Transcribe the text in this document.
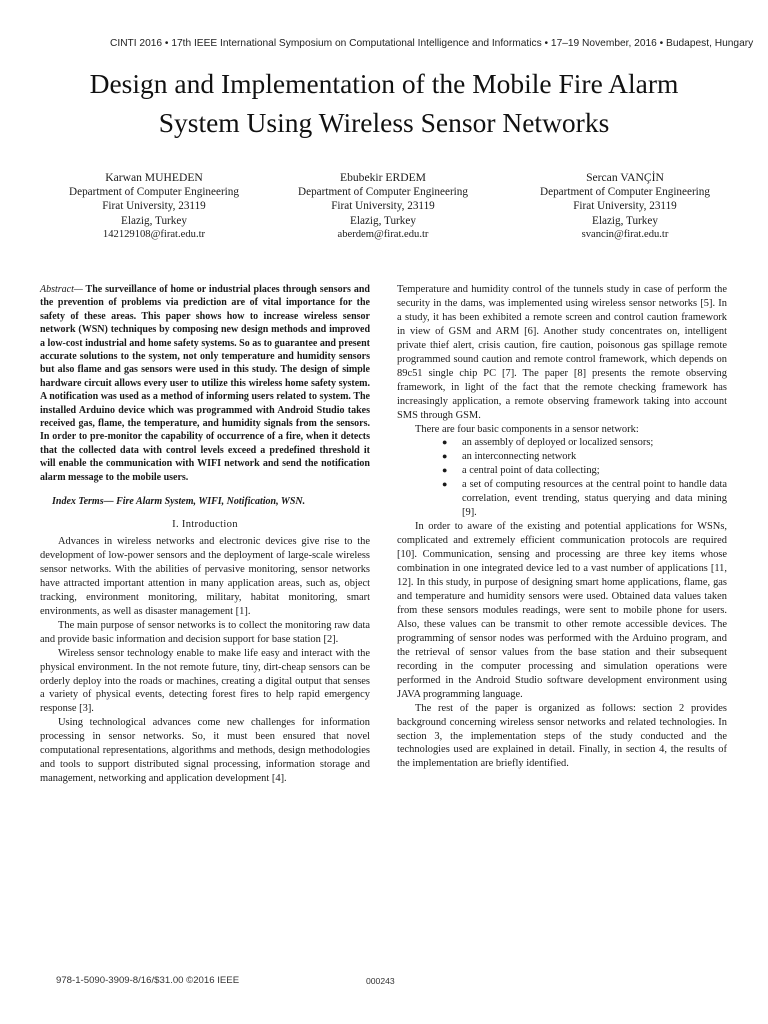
CINTI 2016 • 17th IEEE International Symposium on Computational Intelligence and Informatics • 17–19 November, 2016 • Budapest, Hungary
Design and Implementation of the Mobile Fire Alarm
System Using Wireless Sensor Networks
Karwan MUHEDEN
Department of Computer Engineering
Firat University, 23119
Elazig, Turkey
142129108@firat.edu.tr
Ebubekir ERDEM
Department of Computer Engineering
Firat University, 23119
Elazig, Turkey
aberdem@firat.edu.tr
Sercan VANÇİN
Department of Computer Engineering
Firat University, 23119
Elazig, Turkey
svancin@firat.edu.tr

Abstract— The surveillance of home or industrial places through sensors and the prevention of problems via prediction are of vital importance for the safety of these areas. This paper shows how to increase wireless sensor network (WSN) techniques by composing new design methods and improved a low-cost industrial and home safety systems. So as to guarantee and present accurate solutions to the system, not only temperature and humidity sensors but also flame and gas sensors were used in this study. The design of simple hardware circuit allows every user to utilize this wireless home safety system. A notification was used as a method of informing users related to system. The installed Arduino device which was programmed with Android Studio takes received gas, flame, the temperature, and humidity signals from the sensors. In order to pre-monitor the capability of occurrence of a fire, when it detects that the collected data with control levels exceed a predefined threshold it will enable the communication with WIFI network and send the notification alarm message to the mobile users.

Index Terms— Fire Alarm System, WIFI, Notification, WSN.

I. Introduction

Advances in wireless networks and electronic devices give rise to the development of low-power sensors and the deployment of large-scale wireless sensor networks. With the abilities of pervasive monitoring, sensor networks have attracted important attention in many application areas, such as, object tracking, environment monitoring, military, habitat monitoring, smart environments, as well as disaster management [1].

The main purpose of sensor networks is to collect the monitoring raw data and provide basic information and decision support for base station [2].

Wireless sensor technology enable to make life easy and interact with the physical environment. In the not remote future, tiny, dirt-cheap sensors can be orderly deploy into the roads or machines, creating a digital output that senses a variety of physical events, detecting forest fires to help rapid emergency response [3].

Using technological advances come new challenges for information processing in sensor networks. So, it must been ensured that novel computational representations, algorithms and methods, design methodologies and tools to support distributed signal processing, information storage and management, networking and application development [4].

Temperature and humidity control of the tunnels study in case of perform the security in the dams, was implemented using wireless sensor networks [5]. In a study, it has been exhibited a remote screen and control caution framework in view of GSM and ARM [6]. Another study concentrates on, intelligent private thief alert, crisis caution, fire caution, poisonous gas spillage remote programmed sound caution and remote control framework, which depends on 89c51 single chip PC [7]. The paper [8] presents the remote observing framework, in light of the fact that the remote checking framework has increasingly application, a remote observing framework taking into account SMS through GSM.

There are four basic components in a sensor network:

● an assembly of deployed or localized sensors;
● an interconnecting network
● a central point of data collecting;
● a set of computing resources at the central point to handle data correlation, event trending, status querying and data mining [9].

In order to aware of the existing and potential applications for WSNs, complicated and extremely efficient communication protocols are required [10]. Communication, sensing and processing are three key items whose combination in one integrated device led to a vast number of applications [11, 12]. In this study, in purpose of designing smart home applications, flame, gas and temperature and humidity sensors were used. Obtained data values taken from these sensors modules readings, were sent to mobile phone for users. Also, these values can be transmit to other remote accessible devices. The programming of sensor nodes was performed with the Arduino program, and the retrieval of sensor values from the base station and their subsequent recording in the computer processing and simulation operations were performed in the Android Studio software development environment using JAVA programming language.

The rest of the paper is organized as follows: section 2 provides background concerning wireless sensor networks and related technologies. In section 3, the implementation steps of the study conducted and the technologies used are explained in detail. Finally, in section 4, the results of the implementation are briefly identified.

978-1-5090-3909-8/16/$31.00 ©2016 IEEE	000243
